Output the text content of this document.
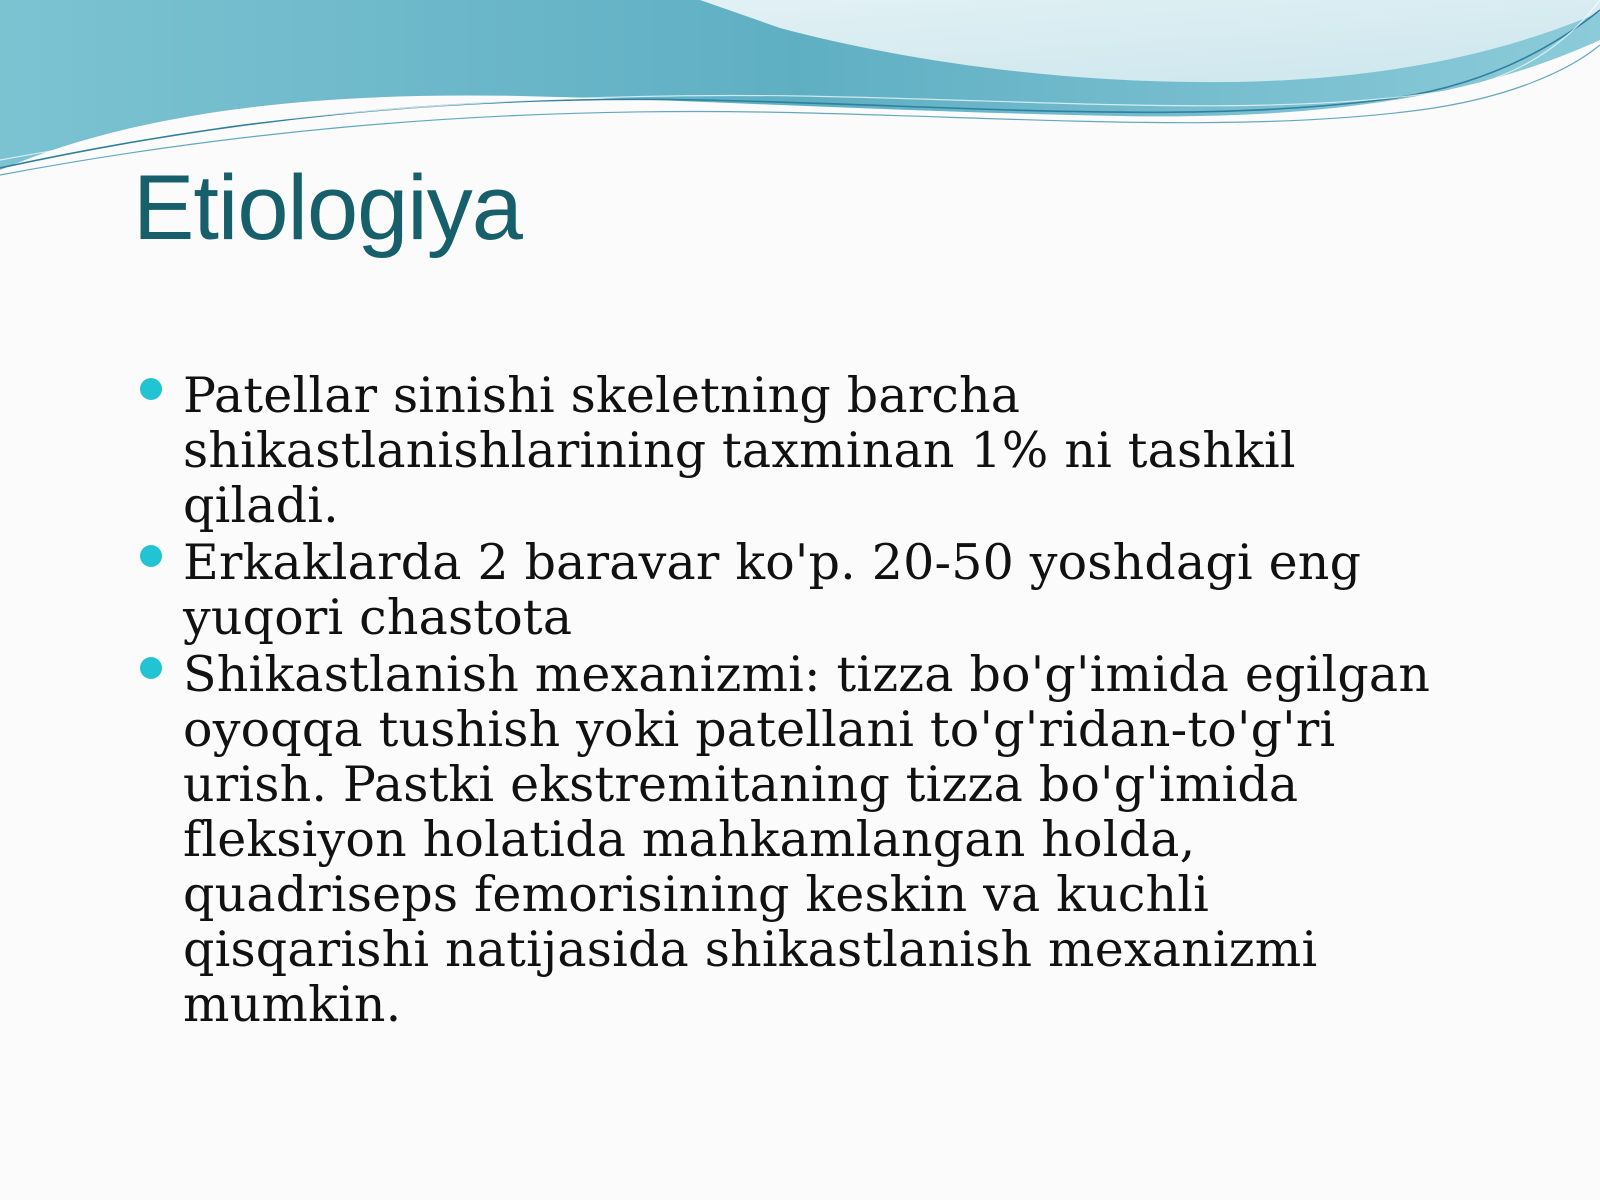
Etiologiya
Patellar sinishi skeletning barcha shikastlanishlarining taxminan 1% ni tashkil qiladi.
Erkaklarda 2 baravar ko'p. 20-50 yoshdagi eng yuqori chastota
Shikastlanish mexanizmi: tizza bo'g'imida egilgan oyoqqa tushish yoki patellani to'g'ridan-to'g'ri urish. Pastki ekstremitaning tizza bo'g'imida fleksiyon holatida mahkamlangan holda, quadriseps femorisining keskin va kuchli qisqarishi natijasida shikastlanish mexanizmi mumkin.
